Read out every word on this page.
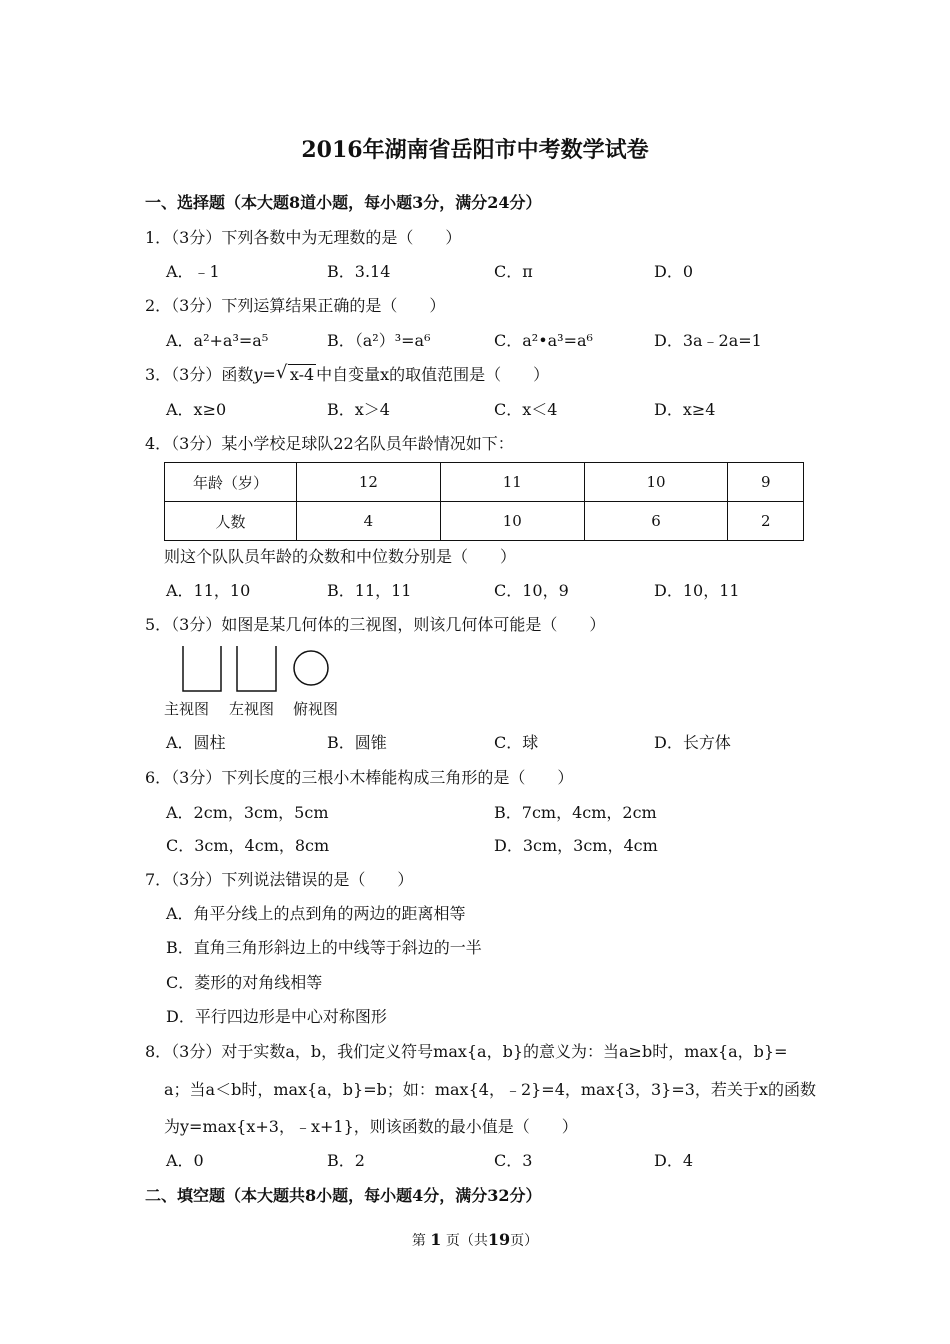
2016年湖南省岳阳市中考数学试卷
一、选择题（本大题8道小题，每小题3分，满分24分）
1．（3分）下列各数中为无理数的是（　　）
A．﹣1	B．3.14	C．π	D．0
2．（3分）下列运算结果正确的是（　　）
A．a²+a³=a⁵	B．（a²）³=a⁶	C．a²•a³=a⁶	D．3a﹣2a=1
3．（3分）函数y= √ x-4 中自变量x的取值范围是（　　）
A．x≥0	B．x＞4	C．x＜4	D．x≥4
4．（3分）某小学校足球队22名队员年龄情况如下：
年龄（岁）	12	11	10	9
人数	4	10	6	2
则这个队队员年龄的众数和中位数分别是（　　）
A．11，10	B．11，11	C．10，9	D．10，11
5．（3分）如图是某几何体的三视图，则该几何体可能是（　　）
主视图 左视图 俯视图
A．圆柱	B．圆锥	C．球	D．长方体
6．（3分）下列长度的三根小木棒能构成三角形的是（　　）
A．2cm，3cm，5cm	B．7cm，4cm，2cm
C．3cm，4cm，8cm	D．3cm，3cm，4cm
7．（3分）下列说法错误的是（　　）
A．角平分线上的点到角的两边的距离相等
B．直角三角形斜边上的中线等于斜边的一半
C．菱形的对角线相等
D．平行四边形是中心对称图形
8．（3分）对于实数a，b，我们定义符号max{a，b}的意义为：当a≥b时，max{a，b}=
a；当a＜b时，max{a，b}=b；如：max{4，﹣2}=4，max{3，3}=3，若关于x的函数
为y=max{x+3，﹣x+1}，则该函数的最小值是（　　）
A．0	B．2	C．3	D．4
二、填空题（本大题共8小题，每小题4分，满分32分）
第 1 页（共19页）
